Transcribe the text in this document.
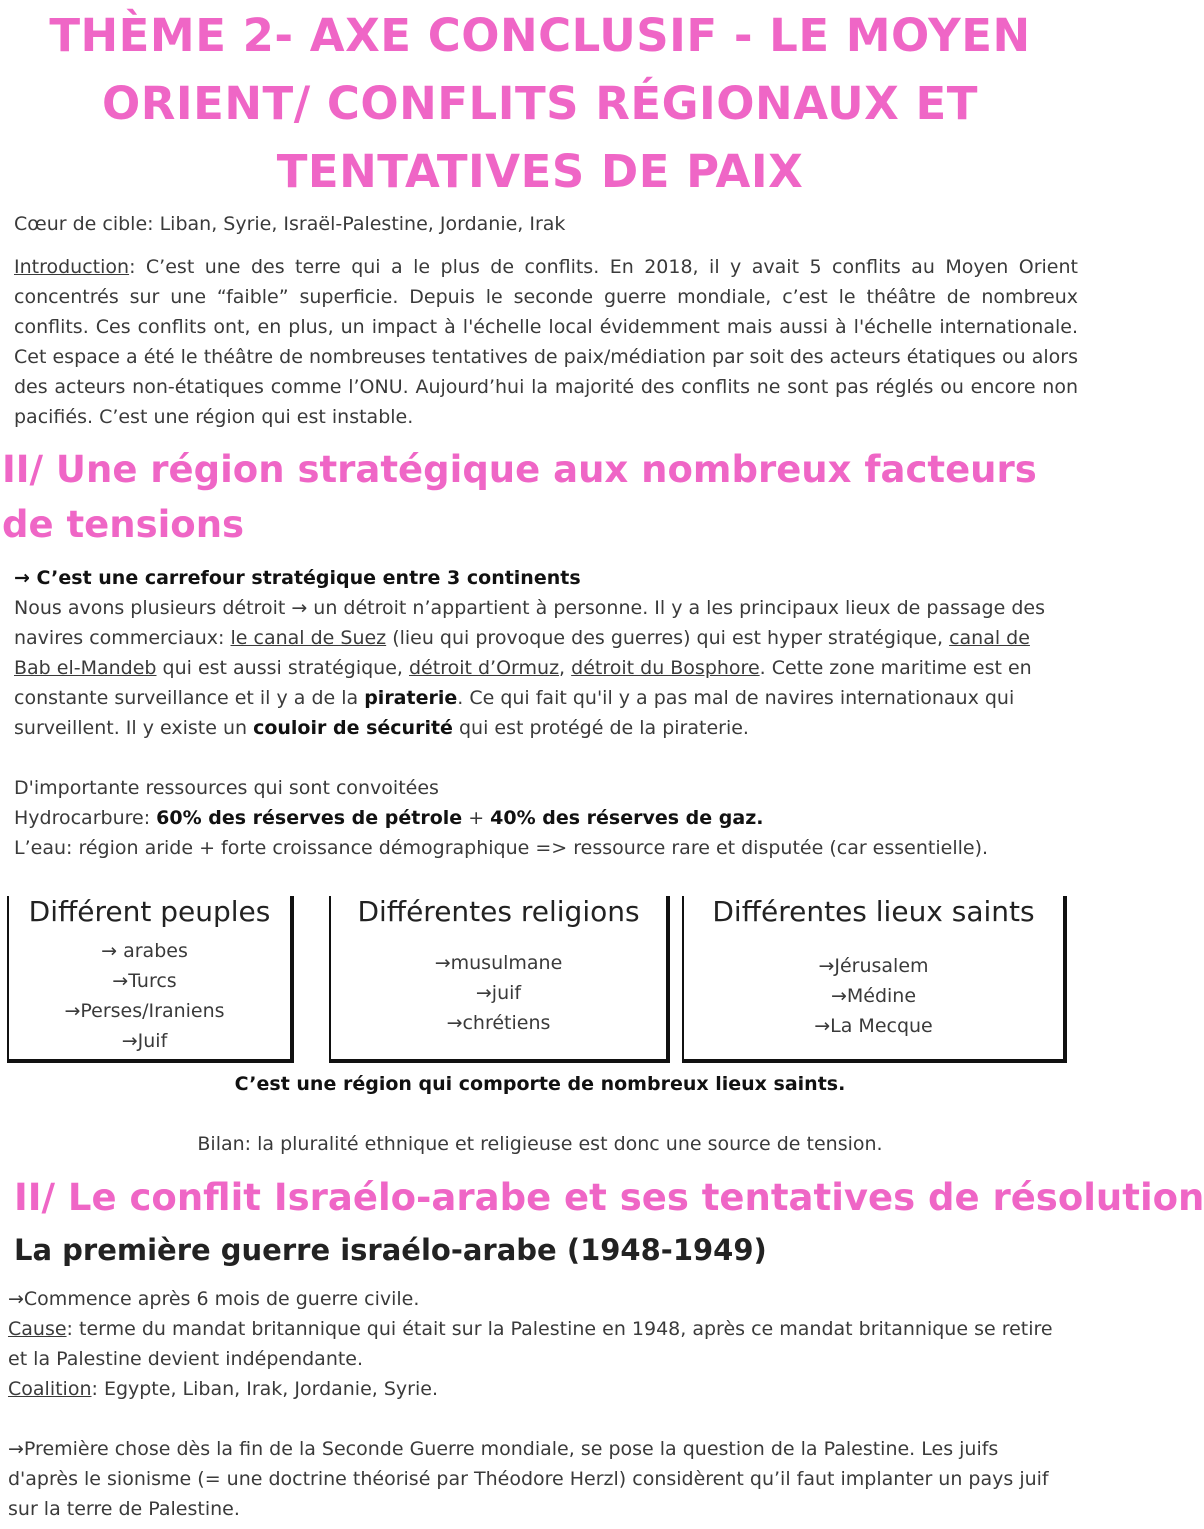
THÈME 2- AXE CONCLUSIF - LE MOYEN
ORIENT/ CONFLITS RÉGIONAUX ET
TENTATIVES DE PAIX

Cœur de cible: Liban, Syrie, Israël-Palestine, Jordanie, Irak

Introduction: C’est une des terre qui a le plus de conflits. En 2018, il y avait 5 conflits au Moyen Orient concentrés sur une “faible” superficie. Depuis le seconde guerre mondiale, c’est le théâtre de nombreux conflits. Ces conflits ont, en plus, un impact à l'échelle local évidemment mais aussi à l'échelle internationale. Cet espace a été le théâtre de nombreuses tentatives de paix/médiation par soit des acteurs étatiques ou alors des acteurs non-étatiques comme l’ONU. Aujourd’hui la majorité des conflits ne sont pas réglés ou encore non pacifiés. C’est une région qui est instable.

II/ Une région stratégique aux nombreux facteurs de tensions

→ C’est une carrefour stratégique entre 3 continents

Nous avons plusieurs détroit → un détroit n’appartient à personne. Il y a les principaux lieux de passage des navires commerciaux: le canal de Suez (lieu qui provoque des guerres) qui est hyper stratégique, canal de Bab el-Mandeb qui est aussi stratégique, détroit d’Ormuz, détroit du Bosphore. Cette zone maritime est en constante surveillance et il y a de la piraterie. Ce qui fait qu'il y a pas mal de navires internationaux qui surveillent. Il y existe un couloir de sécurité qui est protégé de la piraterie.

D'importante ressources qui sont convoitées

Hydrocarbure: 60% des réserves de pétrole + 40% des réserves de gaz.

L’eau: région aride + forte croissance démographique => ressource rare et disputée (car essentielle).

Différent peuples
→ arabes
→Turcs
→Perses/Iraniens
→Juif
Différentes religions
→musulmane
→juif
→chrétiens
Différentes lieux saints
→Jérusalem
→Médine
→La Mecque

C’est une région qui comporte de nombreux lieux saints.

Bilan: la pluralité ethnique et religieuse est donc une source de tension.

II/ Le conflit Israélo-arabe et ses tentatives de résolution
La première guerre israélo-arabe (1948-1949)

→Commence après 6 mois de guerre civile.

Cause: terme du mandat britannique qui était sur la Palestine en 1948, après ce mandat britannique se retire et la Palestine devient indépendante.

Coalition: Egypte, Liban, Irak, Jordanie, Syrie.

→Première chose dès la fin de la Seconde Guerre mondiale, se pose la question de la Palestine. Les juifs d'après le sionisme (= une doctrine théorisé par Théodore Herzl) considèrent qu’il faut implanter un pays juif sur la terre de Palestine.
